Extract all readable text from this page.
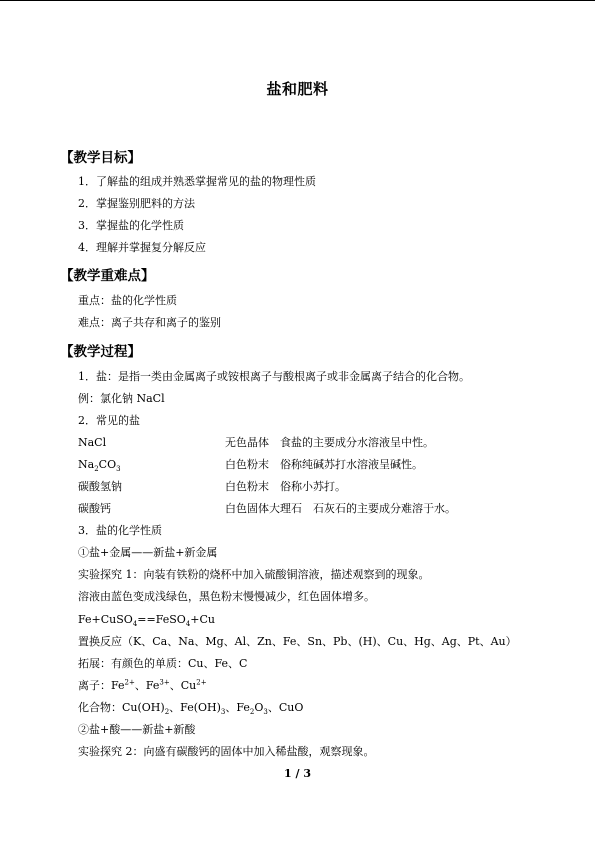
盐和肥料
【教学目标】
1．了解盐的组成并熟悉掌握常见的盐的物理性质
2．掌握鉴别肥料的方法
3．掌握盐的化学性质
4．理解并掌握复分解反应
【教学重难点】
重点：盐的化学性质
难点：离子共存和离子的鉴别
【教学过程】
1．盐：是指一类由金属离子或铵根离子与酸根离子或非金属离子结合的化合物。
例：氯化钠 NaCl
2．常见的盐
NaCl	无色晶体　食盐的主要成分水溶液呈中性。
$Na_2CO_3$	白色粉末　俗称纯碱苏打水溶液呈碱性。
碳酸氢钠	白色粉末　俗称小苏打。
碳酸钙	白色固体大理石　石灰石的主要成分难溶于水。
3．盐的化学性质
①盐+金属——新盐+新金属
实验探究 1：向装有铁粉的烧杯中加入硫酸铜溶液，描述观察到的现象。
溶液由蓝色变成浅绿色，黑色粉末慢慢减少，红色固体增多。
Fe+CuSO$_4$==FeSO$_4$+Cu
置换反应（K、Ca、Na、Mg、Al、Zn、Fe、Sn、Pb、(H)、Cu、Hg、Ag、Pt、Au）
拓展：有颜色的单质：Cu、Fe、C
离子：$Fe^{2+}$、$Fe^{3+}$、$Cu^{2+}$
化合物：$Cu(OH)_2$、$Fe(OH)_3$、$Fe_2O_3$、CuO
②盐+酸——新盐+新酸
实验探究 2：向盛有碳酸钙的固体中加入稀盐酸，观察现象。
1 / 3
